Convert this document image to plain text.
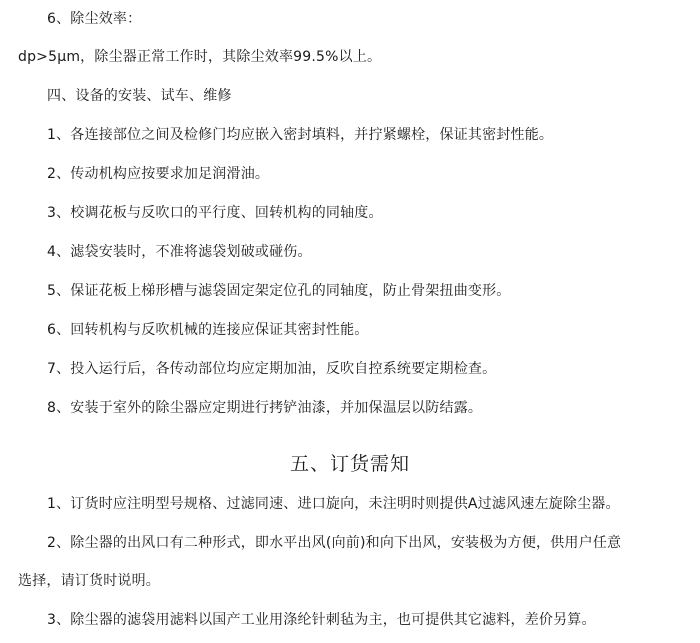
6、除尘效率：
dp>5μm，除尘器正常工作时，其除尘效率99.5%以上。
四、设备的安装、试车、维修
1、各连接部位之间及检修门均应嵌入密封填料，并拧紧螺栓，保证其密封性能。
2、传动机构应按要求加足润滑油。
3、校调花板与反吹口的平行度、回转机构的同轴度。
4、滤袋安装时，不准将滤袋划破或碰伤。
5、保证花板上梯形槽与滤袋固定架定位孔的同轴度，防止骨架扭曲变形。
6、回转机构与反吹机械的连接应保证其密封性能。
7、投入运行后，各传动部位均应定期加油，反吹自控系统要定期检查。
8、安装于室外的除尘器应定期进行拷铲油漆，并加保温层以防结露。
五、订货需知
1、订货时应注明型号规格、过滤同速、进口旋向，未注明时则提供A过滤风速左旋除尘器。
2、除尘器的出风口有二种形式，即水平出风(向前)和向下出风，安装极为方便，供用户任意
选择，请订货时说明。
3、除尘器的滤袋用滤料以国产工业用涤纶针刺毡为主，也可提供其它滤料，差价另算。
